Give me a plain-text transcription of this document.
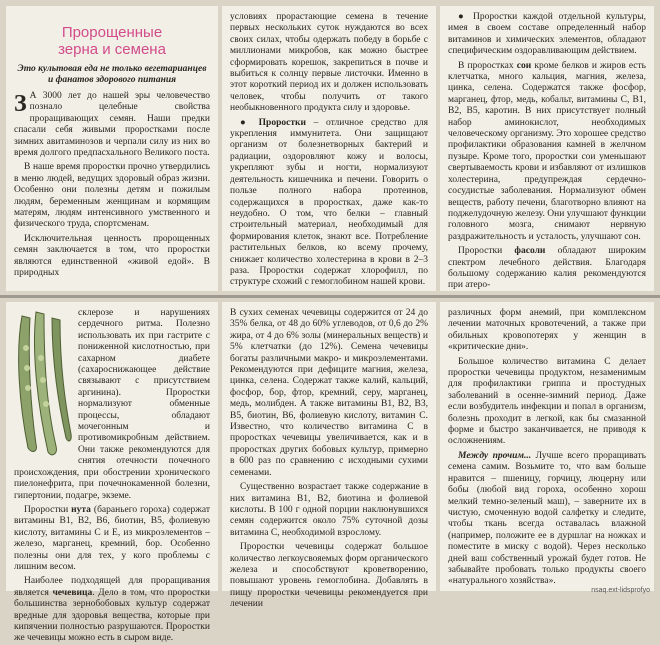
Пророщенные
зерна и семена
Это культовая еда не только вегетарианцев и фанатов здорового питания

З А 3000 лет до нашей эры человечество познало целебные свойства проращивающих семян. Наши предки спасали себя живыми проростками после зимних авитаминозов и черпали силу из них во время долгого предпасхального Великого поста.

В наше время проростки прочно утвердились в меню людей, ведущих здоровый образ жизни. Особенно они полезны детям и пожилым людям, беременным женщинам и кормящим матерям, людям интенсивного умственного и физического труда, спортсменам.

Исключительная ценность пророщенных семян заключается в том, что проростки являются единственной «живой едой». В природных

условиях прорастающие семена в течение первых нескольких суток нуждаются во всех своих силах, чтобы одержать победу в борьбе с миллионами микробов, как можно быстрее сформировать корешок, закрепиться в почве и выбиться к солнцу первые листочки. Именно в этот короткий период их и должен использовать человек, чтобы получить от такого необыкновенного продукта силу и здоровье.

● Проростки – отличное средство для укрепления иммунитета. Они защищают организм от болезнетворных бактерий и радиации, оздоровляют кожу и волосы, укрепляют зубы и ногти, нормализуют деятельность кишечника и печени. Говорить о пользе полного набора протеинов, содержащихся в проростках, даже как-то неудобно. О том, что белки – главный строительный материал, необходимый для формирования клеток, знают все. Потребление растительных белков, ко всему прочему, снижает количество холестерина в крови в 2–3 раза. Проростки содержат хлорофилл, по структуре схожий с гемоглобином нашей крови.

● Проростки каждой отдельной культуры, имея в своем составе определенный набор витаминов и химических элементов, обладают специфическим оздоравливающим действием.

В проростках сои кроме белков и жиров есть клетчатка, много кальция, магния, железа, цинка, селена. Содержатся также фосфор, марганец, фтор, медь, кобальт, витамины С, В1, В2, В5, каротин. В них присутствует полный набор аминокислот, необходимых человеческому организму. Это хорошее средство профилактики образования камней в желчном пузыре. Кроме того, проростки сои уменьшают свертываемость крови и избавляют от излишков холестерина, предупреждая сердечно-сосудистые заболевания. Нормализуют обмен веществ, работу печени, благотворно влияют на поджелудочную железу. Они улучшают функции головного мозга, снимают нервную раздражительность и усталость, улучшают сон.

Проростки фасоли обладают широким спектром лечебного действия. Благодаря большому содержанию калия рекомендуются при атеро-

склерозе и нарушениях сердечного ритма. Полезно использовать их при гастрите с пониженной кислотностью, при сахарном диабете (сахароснижающее действие связывают с присутствием аргинина). Проростки нормализуют обменные процессы, обладают мочегонным и противомикробным действием. Они также рекомендуются для снятия отечности почечного происхождения, при обострении хронического пиелонефрита, при почечнокаменной болезни, гипертонии, подагре, экземе.

Проростки нута (бараньего гороха) содержат витамины В1, В2, В6, биотин, В5, фолиевую кислоту, витамины С и Е, из микроэлементов – железо, марганец, кремний, бор. Особенно полезны они для тех, у кого проблемы с лишним весом.

Наиболее подходящей для проращивания является чечевица. Дело в том, что проростки большинства зернобобовых культур содержат вредные для здоровья вещества, которые при кипячении полностью разрушаются. Проростки же чечевицы можно есть в сыром виде.

В сухих семенах чечевицы содержится от 24 до 35% белка, от 48 до 60% углеводов, от 0,6 до 2% жира, от 4 до 6% золы (минеральных веществ) и 5% клетчатки (до 12%). Семена чечевицы богаты различными макро- и микроэлементами. Рекомендуются при дефиците магния, железа, цинка, селена. Содержат также калий, кальций, фосфор, бор, фтор, кремний, серу, марганец, медь, молибден. А также витамины В1, В2, В3, В5, биотин, В6, фолиевую кислоту, витамин С. Известно, что количество витамина С в проростках чечевицы увеличивается, как и в проростках других бобовых культур, примерно в 600 раз по сравнению с исходными сухими семенами.

Существенно возрастает также содержание в них витамина В1, В2, биотина и фолиевой кислоты. В 100 г одной порции наклюнувшихся семян содержится около 75% суточной дозы витамина С, необходимой взрослому.

Проростки чечевицы содержат большое количество легкоусвояемых форм органического железа и способствуют кроветворению, повышают уровень гемоглобина. Добавлять в пищу проростки чечевицы рекомендуется при лечении

различных форм анемий, при комплексном лечении маточных кровотечений, а также при обильных кровопотерях у женщин в «критические дни».

Большое количество витамина С делает проростки чечевицы продуктом, незаменимым для профилактики гриппа и простудных заболеваний в осенне-зимний период. Даже если возбудитель инфекции и попал в организм, болезнь проходит в легкой, как бы смазанной форме и быстро заканчивается, не приводя к осложнениям.

Между прочим... Лучше всего проращивать семена самим. Возьмите то, что вам больше нравится – пшеницу, горчицу, люцерну или бобы (любой вид гороха, особенно хорош мелкий темно-зеленый маш), – заверните их в чистую, смоченную водой салфетку и следите, чтобы ткань всегда оставалась влажной (например, положите ее в дуршлаг на ножках и поместите в миску с водой). Через несколько дней ваш собственный урожай будет готов. Не забывайте пробовать только продукты своего «натурального хозяйства».

nsaq.ext-lidsprofyo
